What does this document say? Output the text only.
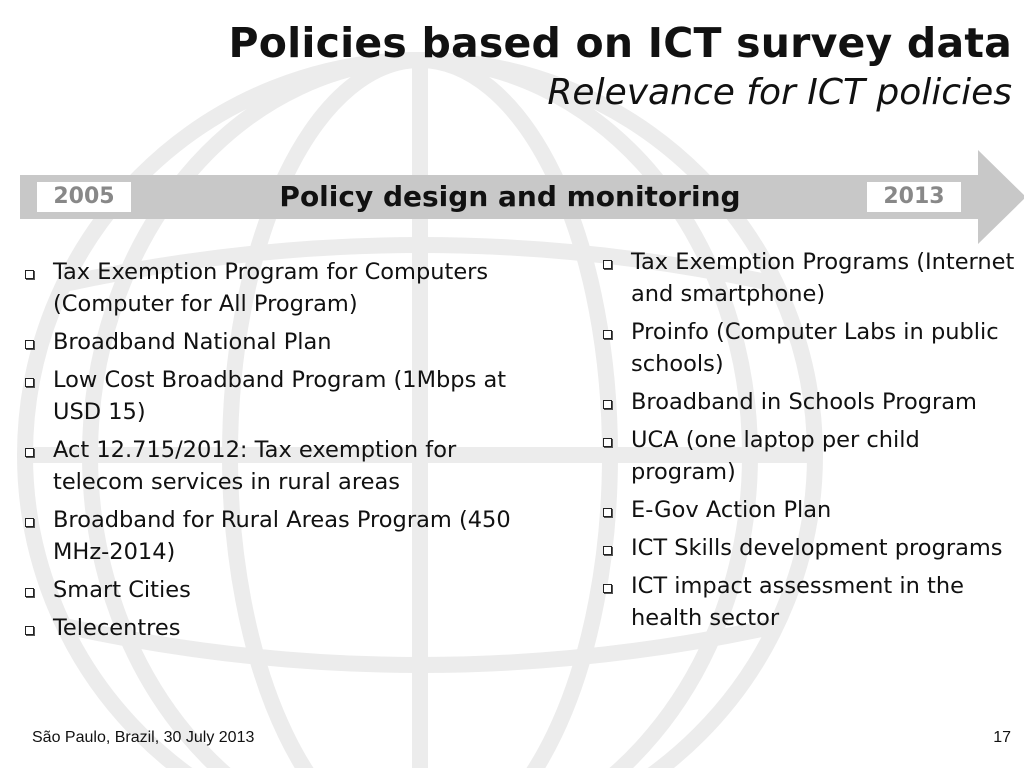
Policies based on ICT survey data
Relevance for ICT policies
2005	Policy design and monitoring	2013
Tax Exemption Program for Computers (Computer for All Program)
Broadband National Plan
Low Cost Broadband Program (1Mbps at USD 15)
Act 12.715/2012: Tax exemption for telecom services in rural areas
Broadband for Rural Areas Program (450 MHz-2014)
Smart Cities
Telecentres
Tax Exemption Programs (Internet and smartphone)
Proinfo (Computer Labs in public schools)
Broadband in Schools Program
UCA (one laptop per child program)
E-Gov Action Plan
ICT Skills development programs
ICT impact assessment in the health sector
São Paulo, Brazil, 30 July 2013	17
